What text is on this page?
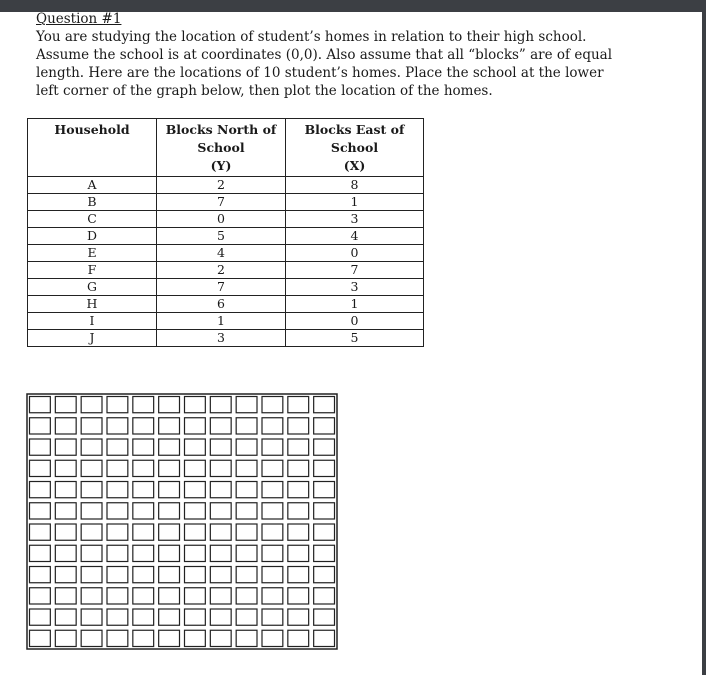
Question #1

You are studying the location of student’s homes in relation to their high school.
Assume the school is at coordinates (0,0). Also assume that all “blocks” are of equal
length. Here are the locations of 10 student’s homes. Place the school at the lower
left corner of the graph below, then plot the location of the homes.

Household	Blocks North of
School
(Y)	Blocks East of
School
(X)
A	2	8
B	7	1
C	0	3
D	5	4
E	4	0
F	2	7
G	7	3
H	6	1
I	1	0
J	3	5
